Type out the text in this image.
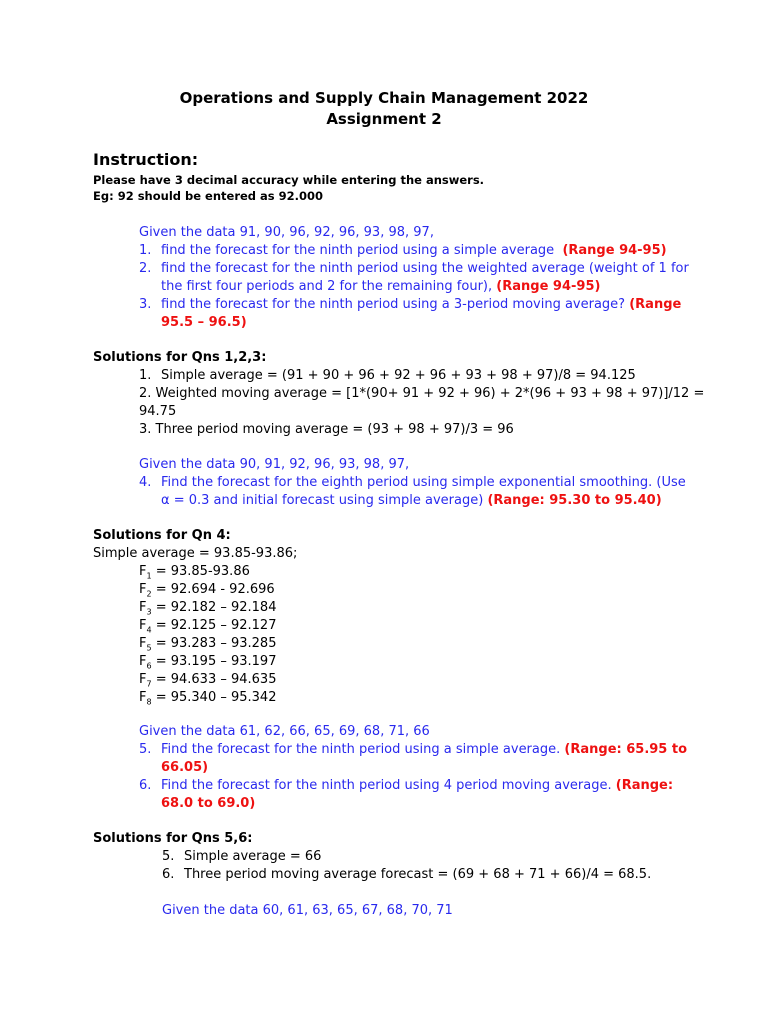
Operations and Supply Chain Management 2022
Assignment 2
Instruction:
Please have 3 decimal accuracy while entering the answers.
Eg: 92 should be entered as 92.000
Given the data 91, 90, 96, 92, 96, 93, 98, 97,
1. find the forecast for the ninth period using a simple average (Range 94-95)
2. find the forecast for the ninth period using the weighted average (weight of 1 for
the first four periods and 2 for the remaining four), (Range 94-95)
3. find the forecast for the ninth period using a 3-period moving average? (Range
95.5 – 96.5)
Solutions for Qns 1,2,3:
1. Simple average = (91 + 90 + 96 + 92 + 96 + 93 + 98 + 97)/8 = 94.125
2. Weighted moving average = [1*(90+ 91 + 92 + 96) + 2*(96 + 93 + 98 + 97)]/12 =
94.75
3. Three period moving average = (93 + 98 + 97)/3 = 96
Given the data 90, 91, 92, 96, 93, 98, 97,
4. Find the forecast for the eighth period using simple exponential smoothing. (Use
α = 0.3 and initial forecast using simple average) (Range: 95.30 to 95.40)
Solutions for Qn 4:
Simple average = 93.85-93.86;
$F_1 = 93.85-93.86$
$F_2 = 92.694 - 92.696$
$F_3 = 92.182 - 92.184$
$F_4 = 92.125 - 92.127$
$F_5 = 93.283 - 93.285$
$F_6 = 93.195 - 93.197$
$F_7 = 94.633 - 94.635$
$F_8 = 95.340 - 95.342$
Given the data 61, 62, 66, 65, 69, 68, 71, 66
5. Find the forecast for the ninth period using a simple average. (Range: 65.95 to
66.05)
6. Find the forecast for the ninth period using 4 period moving average. (Range:
68.0 to 69.0)
Solutions for Qns 5,6:
5. Simple average = 66
6. Three period moving average forecast = (69 + 68 + 71 + 66)/4 = 68.5.
Given the data 60, 61, 63, 65, 67, 68, 70, 71
